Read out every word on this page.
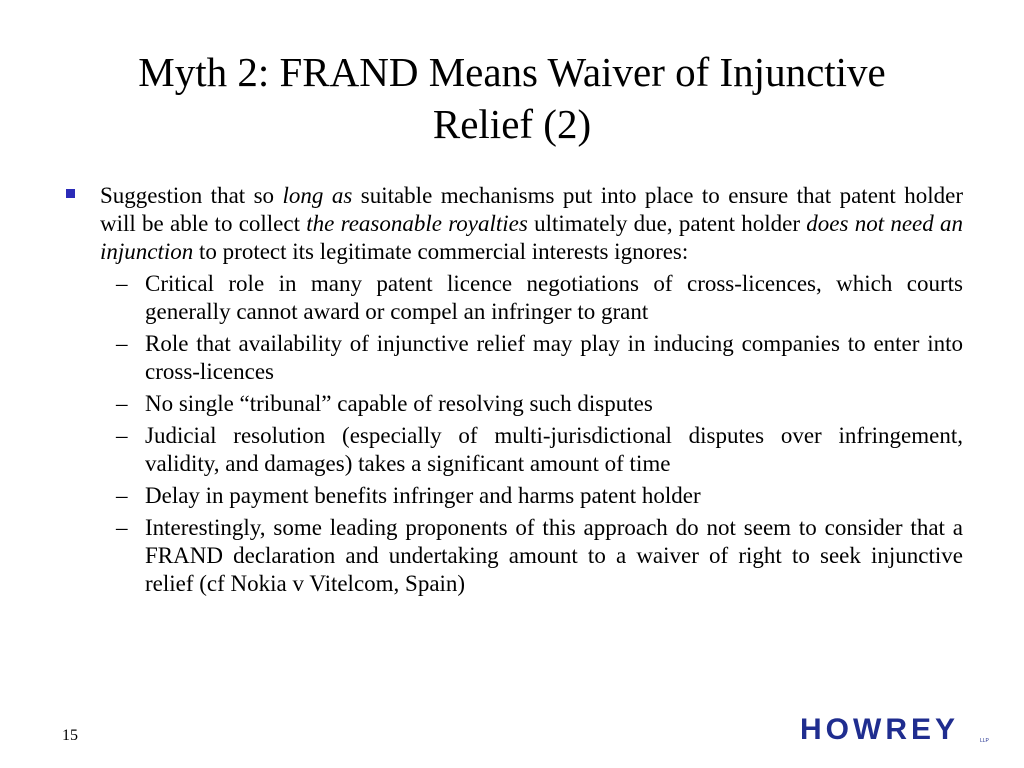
Myth 2: FRAND Means Waiver of Injunctive
Relief (2)
Suggestion that so long as suitable mechanisms put into place to ensure that patent holder will be able to collect the reasonable royalties ultimately due, patent holder does not need an injunction to protect its legitimate commercial interests ignores:
– Critical role in many patent licence negotiations of cross-licences, which courts generally cannot award or compel an infringer to grant
– Role that availability of injunctive relief may play in inducing companies to enter into cross-licences
– No single “tribunal” capable of resolving such disputes
– Judicial resolution (especially of multi-jurisdictional disputes over infringement, validity, and damages) takes a significant amount of time
– Delay in payment benefits infringer and harms patent holder
– Interestingly, some leading proponents of this approach do not seem to consider that a FRAND declaration and undertaking amount to a waiver of right to seek injunctive relief (cf Nokia v Vitelcom, Spain)
15	HOWREY	LLP
